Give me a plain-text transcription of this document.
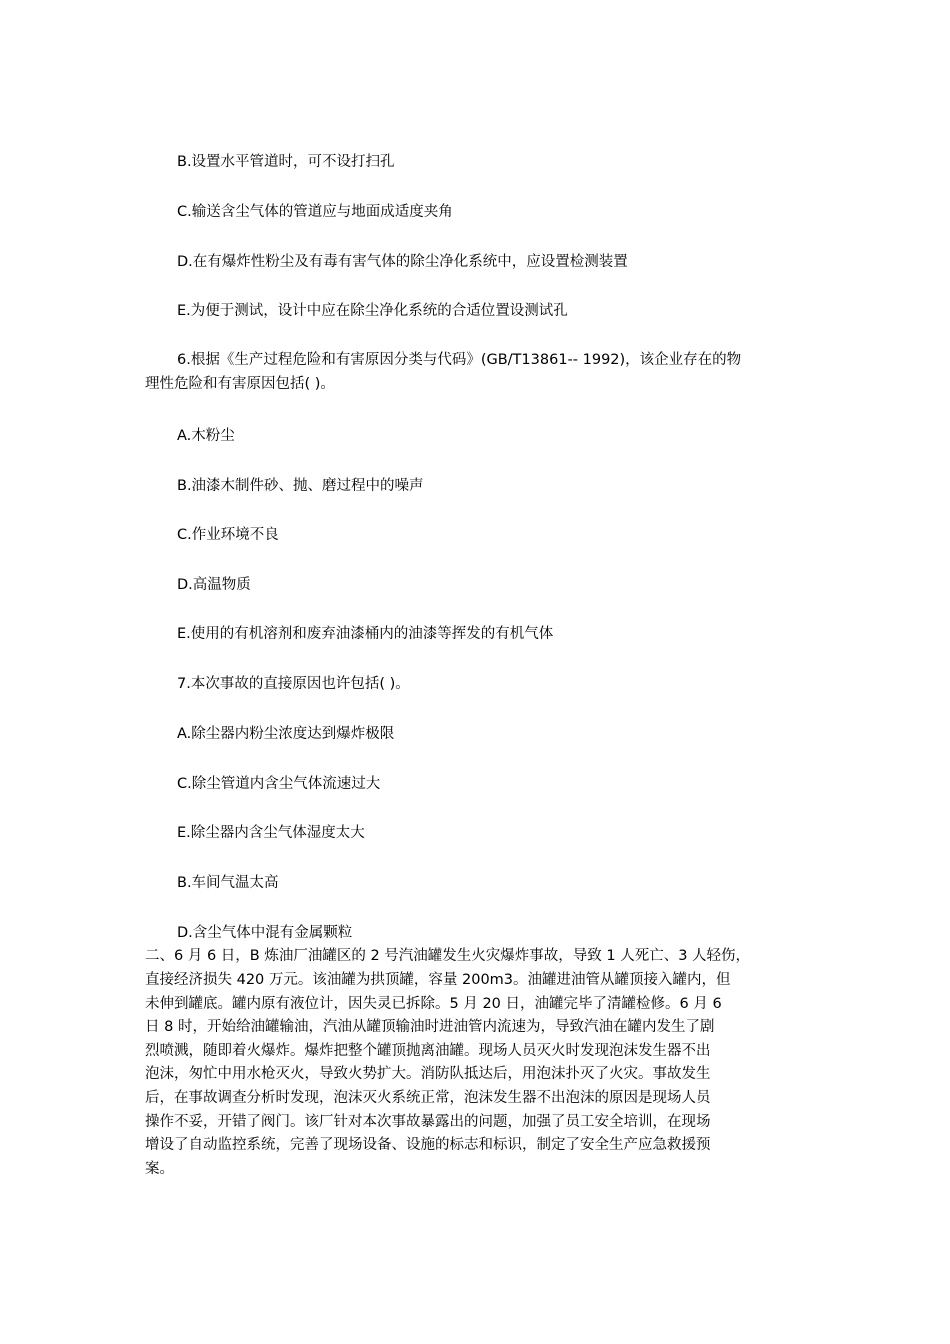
B.设置水平管道时，可不设打扫孔
C.输送含尘气体的管道应与地面成适度夹角
D.在有爆炸性粉尘及有毒有害气体的除尘净化系统中，应设置检测装置
E.为便于测试，设计中应在除尘净化系统的合适位置设测试孔
6.根据《生产过程危险和有害原因分类与代码》(GB/T13861-- 1992)，该企业存在的物
理性危险和有害原因包括( )。
A.木粉尘
B.油漆木制件砂、抛、磨过程中的噪声
C.作业环境不良
D.高温物质
E.使用的有机溶剂和废弃油漆桶内的油漆等挥发的有机气体
7.本次事故的直接原因也许包括( )。
A.除尘器内粉尘浓度达到爆炸极限
C.除尘管道内含尘气体流速过大
E.除尘器内含尘气体湿度太大
B.车间气温太高
D.含尘气体中混有金属颗粒
二、6 月 6 日，B 炼油厂油罐区的 2 号汽油罐发生火灾爆炸事故，导致 1 人死亡、3 人轻伤，
直接经济损失 420 万元。该油罐为拱顶罐，容量 200m3。油罐进油管从罐顶接入罐内，但
未伸到罐底。罐内原有液位计，因失灵已拆除。5 月 20 日，油罐完毕了清罐检修。6 月 6
日 8 时，开始给油罐输油，汽油从罐顶输油时进油管内流速为，导致汽油在罐内发生了剧
烈喷溅，随即着火爆炸。爆炸把整个罐顶抛离油罐。现场人员灭火时发现泡沫发生器不出
泡沫，匆忙中用水枪灭火，导致火势扩大。消防队抵达后，用泡沫扑灭了火灾。事故发生
后，在事故调查分析时发现，泡沫灭火系统正常，泡沫发生器不出泡沫的原因是现场人员
操作不妥，开错了阀门。该厂针对本次事故暴露出的问题，加强了员工安全培训，在现场
增设了自动监控系统，完善了现场设备、设施的标志和标识，制定了安全生产应急救援预
案。
